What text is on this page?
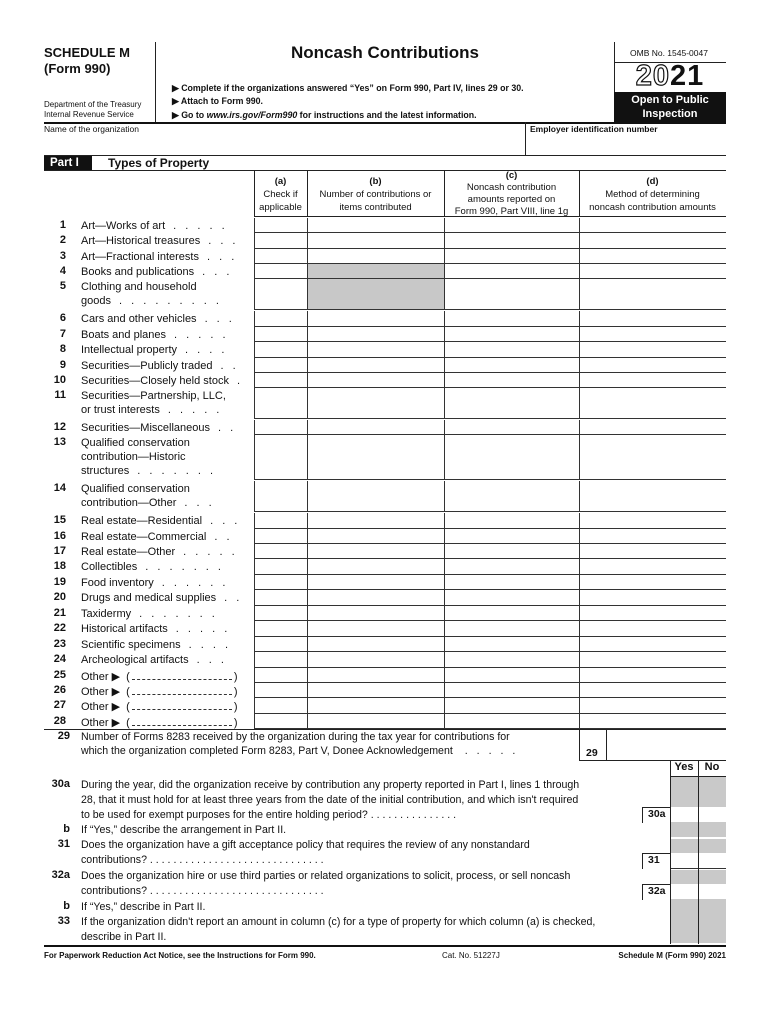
SCHEDULE M
(Form 990)
Department of the Treasury
Internal Revenue Service
Noncash Contributions
▶ Complete if the organizations answered “Yes” on Form 990, Part IV, lines 29 or 30.
▶ Attach to Form 990.
▶ Go to www.irs.gov/Form990 for instructions and the latest information.
OMB No. 1545-0047
2021
Open to Public
Inspection
Name of the organization	Employer identification number
Part I	Types of Property
(a)
Check if
applicable
(b)
Number of contributions or
items contributed
(c)
Noncash contribution
amounts reported on
Form 990, Part VIII, line 1g
(d)
Method of determining
noncash contribution amounts
1 Art—Works of art . . . . .
2 Art—Historical treasures . . .
3 Art—Fractional interests . . .
4 Books and publications . . .
5 Clothing and household
goods . . . . . . . . .
6 Cars and other vehicles . . .
7 Boats and planes . . . . .
8 Intellectual property . . . .
9 Securities—Publicly traded . .
10 Securities—Closely held stock .
11 Securities—Partnership, LLC,
or trust interests . . . . .
12 Securities—Miscellaneous . .
13 Qualified conservation
contribution—Historic
structures . . . . . . .
14 Qualified conservation
contribution—Other . . .
15 Real estate—Residential . . .
16 Real estate—Commercial . .
17 Real estate—Other . . . . .
18 Collectibles . . . . . . .
19 Food inventory . . . . . .
20 Drugs and medical supplies . .
21 Taxidermy . . . . . . .
22 Historical artifacts . . . . .
23 Scientific specimens . . . .
24 Archeological artifacts . . .
25 Other ▶  (	)
26 Other ▶  (	)
27 Other ▶  (	)
28 Other ▶  (	)
29 Number of Forms 8283 received by the organization during the tax year for contributions for
which the organization completed Form 8283, Part V, Donee Acknowledgement . . . . .	29
Yes	No
30a During the year, did the organization receive by contribution any property reported in Part I, lines 1 through
28, that it must hold for at least three years from the date of the initial contribution, and which isn't required
to be used for exempt purposes for the entire holding period? . . . . . . . . . . . . . . .	30a
b If “Yes,” describe the arrangement in Part II.
31 Does the organization have a gift acceptance policy that requires the review of any nonstandard
contributions? . . . . . . . . . . . . . . . . . . . . . . . . . . . . . .	31
32a Does the organization hire or use third parties or related organizations to solicit, process, or sell noncash
contributions? . . . . . . . . . . . . . . . . . . . . . . . . . . . . . .	32a
b If “Yes,” describe in Part II.
33 If the organization didn't report an amount in column (c) for a type of property for which column (a) is checked,
describe in Part II.
For Paperwork Reduction Act Notice, see the Instructions for Form 990.	Cat. No. 51227J	Schedule M (Form 990) 2021
